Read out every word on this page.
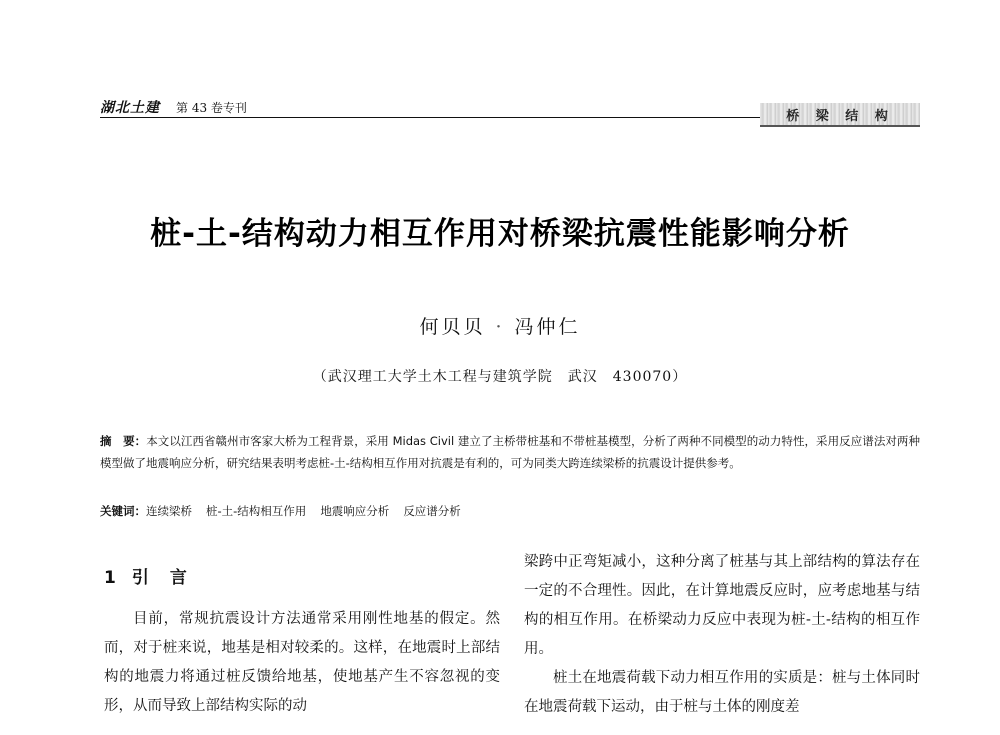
湖北土建 第 43 卷专刊
桥 梁 结 构
桩-土-结构动力相互作用对桥梁抗震性能影响分析
何贝贝 · 冯仲仁
（武汉理工大学土木工程与建筑学院　武汉　430070）
摘　要：本文以江西省赣州市客家大桥为工程背景，采用 Midas Civil 建立了主桥带桩基和不带桩基模型，分析了两种不同模型的动力特性，采用反应谱法对两种模型做了地震响应分析，研究结果表明考虑桩-土-结构相互作用对抗震是有利的，可为同类大跨连续梁桥的抗震设计提供参考。
关键词：连续梁桥 桩-土-结构相互作用 地震响应分析 反应谱分析
1 引　言

目前，常规抗震设计方法通常采用刚性地基的假定。然而，对于桩来说，地基是相对较柔的。这样，在地震时上部结构的地震力将通过桩反馈给地基，使地基产生不容忽视的变形，从而导致上部结构实际的动

梁跨中正弯矩减小，这种分离了桩基与其上部结构的算法存在一定的不合理性。因此，在计算地震反应时，应考虑地基与结构的相互作用。在桥梁动力反应中表现为桩-土-结构的相互作用。

桩土在地震荷载下动力相互作用的实质是：桩与土体同时在地震荷载下运动，由于桩与土体的刚度差
